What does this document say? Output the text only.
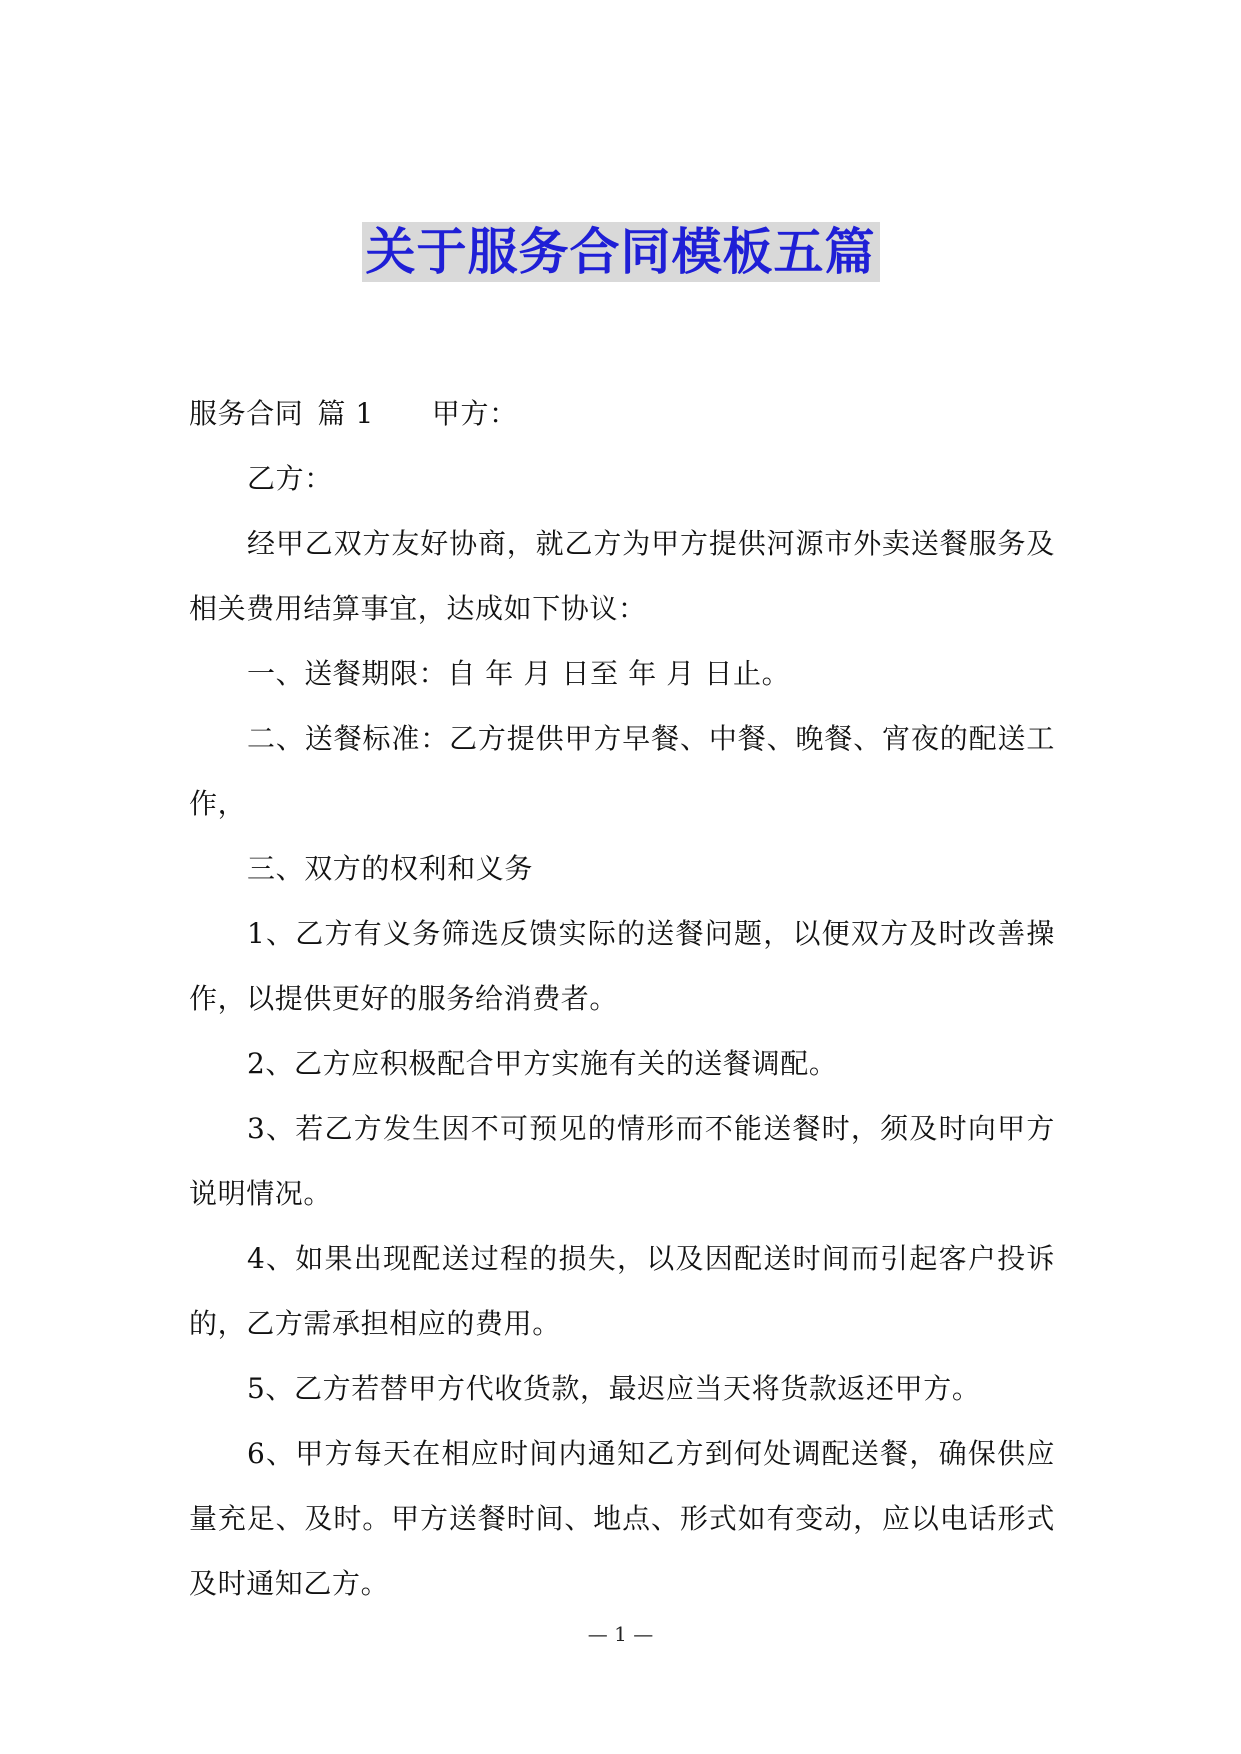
关于服务合同模板五篇

服务合同 篇 1 甲方：

乙方：

经甲乙双方友好协商，就乙方为甲方提供河源市外卖送餐服务及相关费用结算事宜，达成如下协议：

一、送餐期限：自 年 月 日至 年 月 日止。

二、送餐标准：乙方提供甲方早餐、中餐、晚餐、宵夜的配送工作，

三、双方的权利和义务

1、乙方有义务筛选反馈实际的送餐问题，以便双方及时改善操作，以提供更好的服务给消费者。

2、乙方应积极配合甲方实施有关的送餐调配。

3、若乙方发生因不可预见的情形而不能送餐时，须及时向甲方说明情况。

4、如果出现配送过程的损失，以及因配送时间而引起客户投诉的，乙方需承担相应的费用。

5、乙方若替甲方代收货款，最迟应当天将货款返还甲方。

6、甲方每天在相应时间内通知乙方到何处调配送餐，确保供应量充足、及时。甲方送餐时间、地点、形式如有变动，应以电话形式及时通知乙方。

— 1 —
